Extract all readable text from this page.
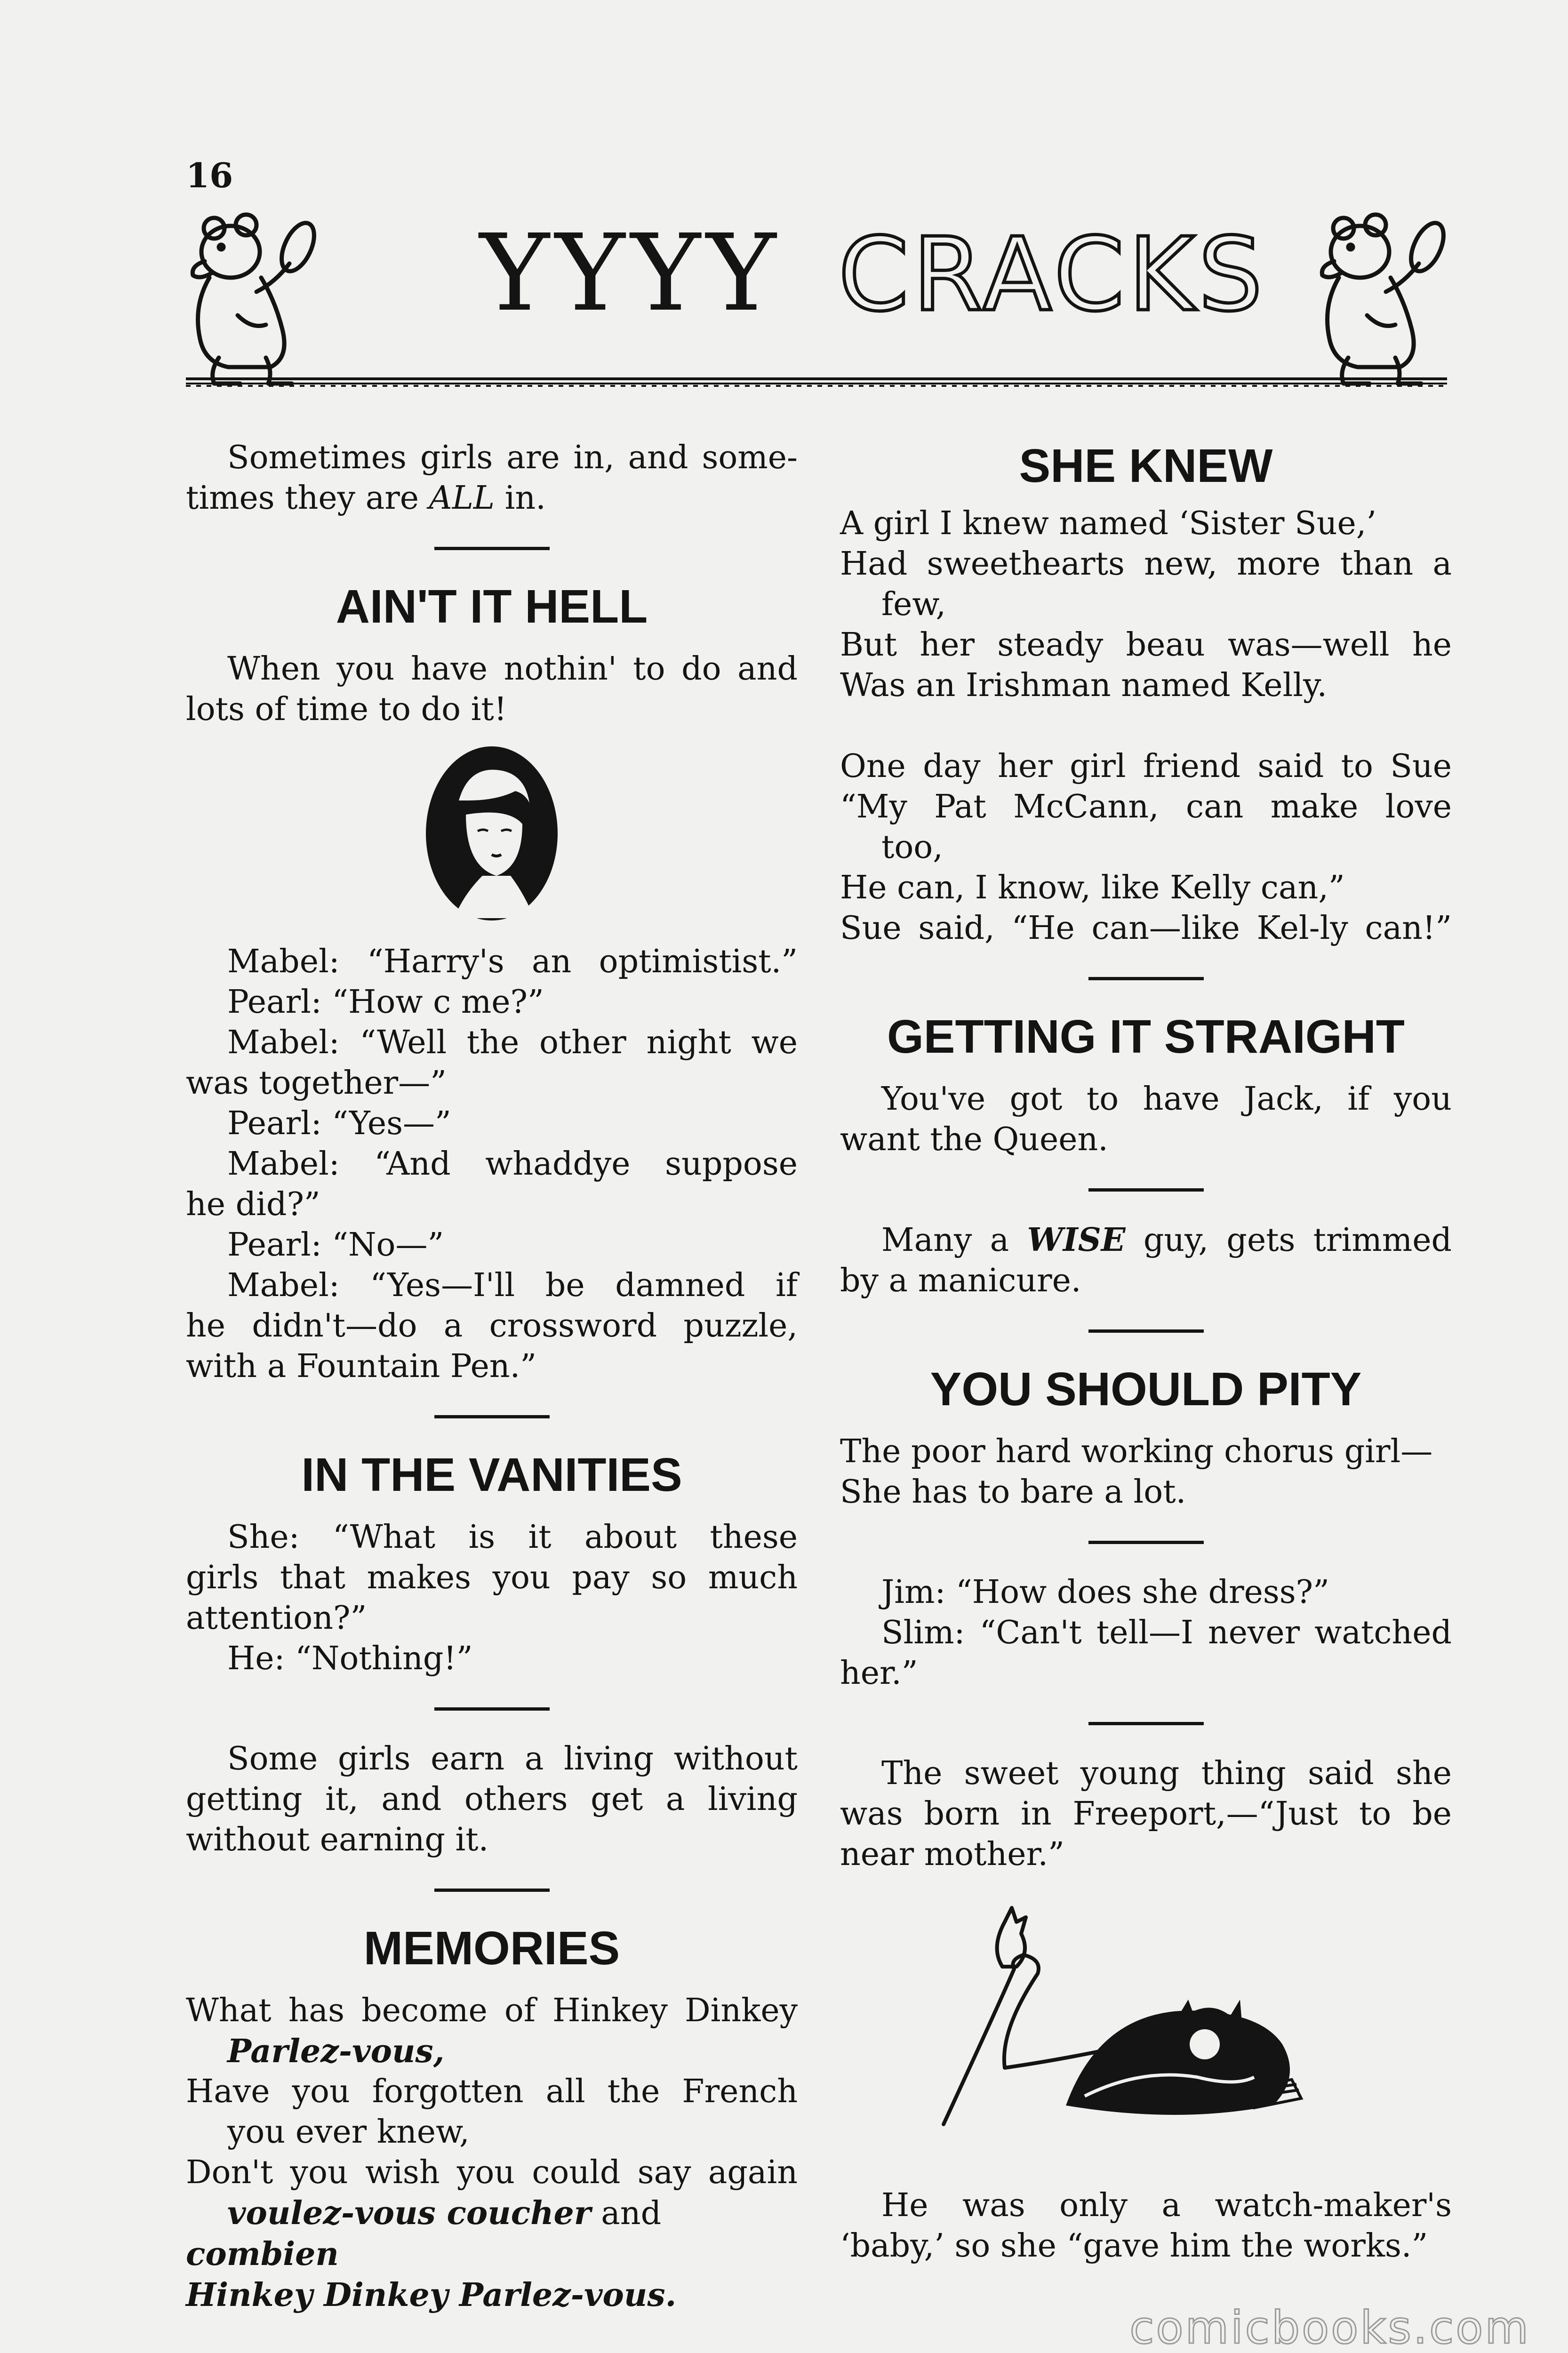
16
YYYY CRACKS

Sometimes girls are in, and some-

times they are ALL in.

AIN'T IT HELL

When you have nothin' to do and

lots of time to do it!

Mabel: “Harry's an optimistist.”

Pearl: “How c me?”

Mabel: “Well the other night we

was together—”

Pearl: “Yes—”

Mabel: “And whaddye suppose

he did?”

Pearl: “No—”

Mabel: “Yes—I'll be damned if

he didn't—do a crossword puzzle,

with a Fountain Pen.”

IN THE VANITIES

She: “What is it about these

girls that makes you pay so much

attention?”

He: “Nothing!”

Some girls earn a living without

getting it, and others get a living

without earning it.

MEMORIES

What has become of Hinkey Dinkey

Parlez-vous,

Have you forgotten all the French

you ever knew,

Don't you wish you could say again

voulez-vous coucher and combien

Hinkey Dinkey Parlez-vous.

SHE KNEW

A girl I knew named ‘Sister Sue,’

Had sweethearts new, more than a

few,

But her steady beau was—well he

Was an Irishman named Kelly.

One day her girl friend said to Sue

“My Pat McCann, can make love

too,

He can, I know, like Kelly can,”

Sue said, “He can—like Kel-ly can!”

GETTING IT STRAIGHT

You've got to have Jack, if you

want the Queen.

Many a WISE guy, gets trimmed

by a manicure.

YOU SHOULD PITY

The poor hard working chorus girl—

She has to bare a lot.

Jim: “How does she dress?”

Slim: “Can't tell—I never watched

her.”

The sweet young thing said she

was born in Freeport,—“Just to be

near mother.”

He was only a watch-maker's

‘baby,’ so she “gave him the works.”

comicbooks.com
